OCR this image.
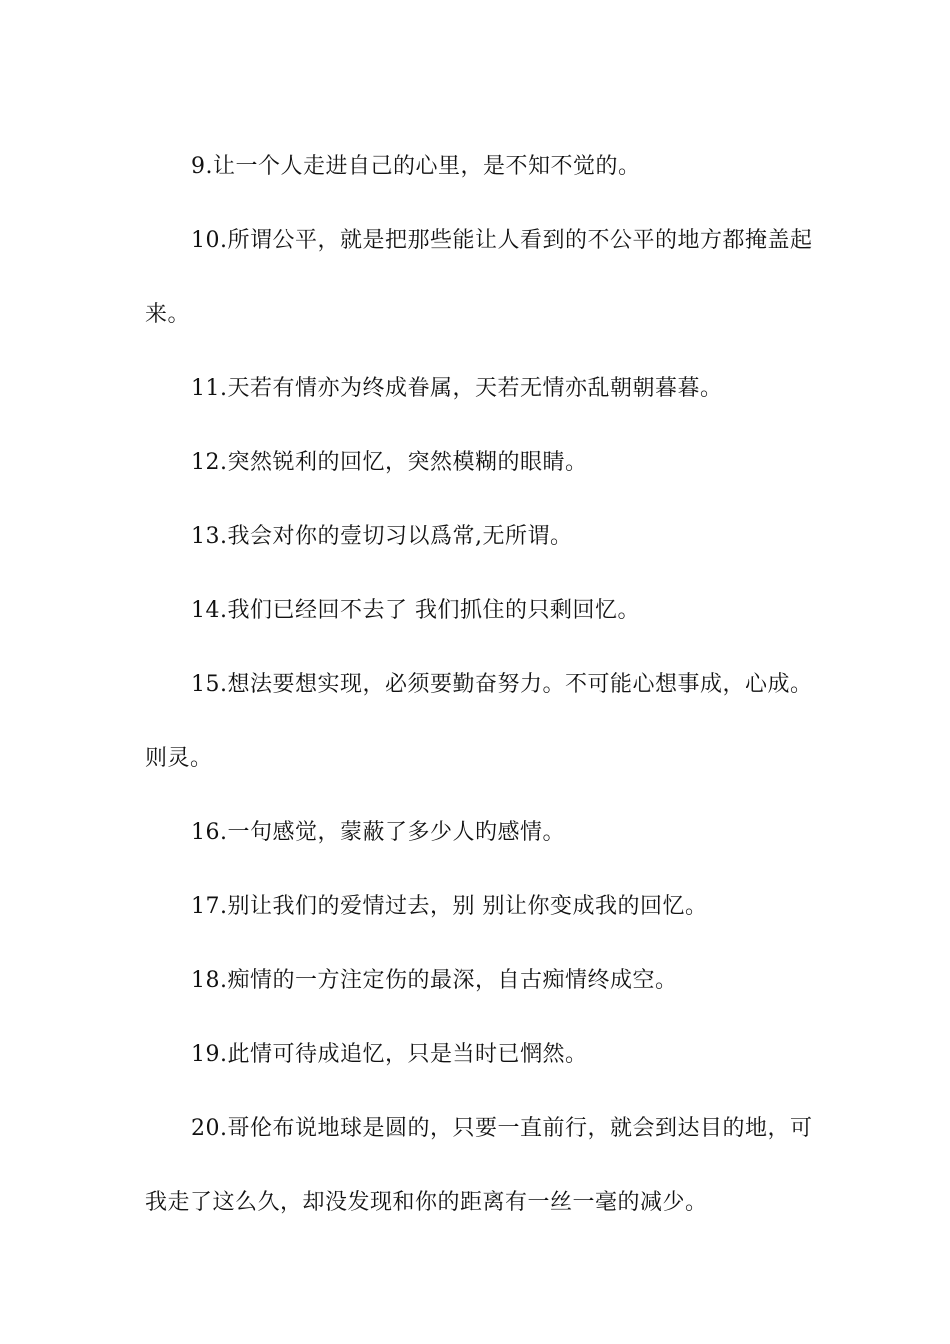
9.让一个人走进自己的心里，是不知不觉的。

10.所谓公平，就是把那些能让人看到的不公平的地方都掩盖起来。

11.天若有情亦为终成眷属，天若无情亦乱朝朝暮暮。

12.突然锐利的回忆，突然模糊的眼睛。

13.我会对你的壹切习以爲常,无所谓。

14.我们已经回不去了 我们抓住的只剩回忆。

15.想法要想实现，必须要勤奋努力。不可能心想事成，心成。则灵。

16.一句感觉，蒙蔽了多少人旳感情。

17.别让我们的爱情过去，别 别让你变成我的回忆。

18.痴情的一方注定伤的最深，自古痴情终成空。

19.此情可待成追忆，只是当时已惘然。

20.哥伦布说地球是圆的，只要一直前行，就会到达目的地，可我走了这么久，却没发现和你的距离有一丝一毫的减少。
